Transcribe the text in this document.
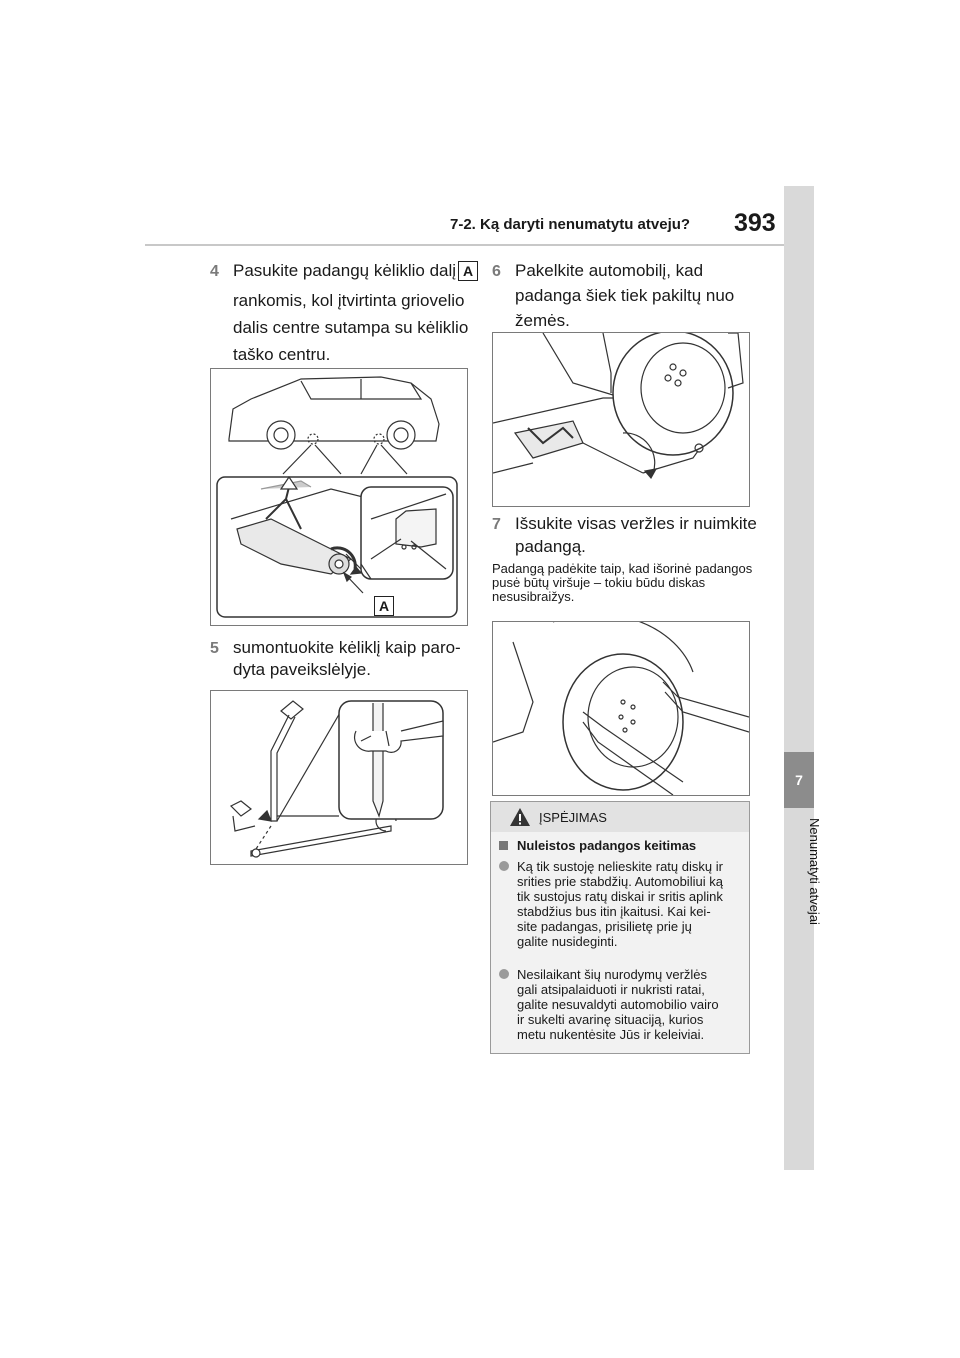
7-2. Ką daryti nenumatytu atveju? 393
7
Nenumatyti atvejai
4 Pasukite padangų kėliklio dalį A
rankomis, kol įtvirtinta griovelio
dalis centre sutampa su kėliklio
taško centru.
A
5 sumontuokite kėliklį kaip paro-
dyta paveikslėlyje.
6 Pakelkite automobilį, kad
padanga šiek tiek pakiltų nuo
žemės.
7 Išsukite visas veržles ir nuimkite
padangą.
Padangą padėkite taip, kad išorinė padangos pusė būtų viršuje – tokiu būdu diskas nesusibraižys.
ĮSPĖJIMAS
Nuleistos padangos keitimas
Ką tik sustoję nelieskite ratų diskų ir
srities prie stabdžių. Automobiliui ką
tik sustojus ratų diskai ir sritis aplink
stabdžius bus itin įkaitusi. Kai kei-
site padangas, prisilietę prie jų
galite nusideginti.
Nesilaikant šių nurodymų veržlės
gali atsipalaiduoti ir nukristi ratai,
galite nesuvaldyti automobilio vairo
ir sukelti avarinę situaciją, kurios
metu nukentėsite Jūs ir keleiviai.
